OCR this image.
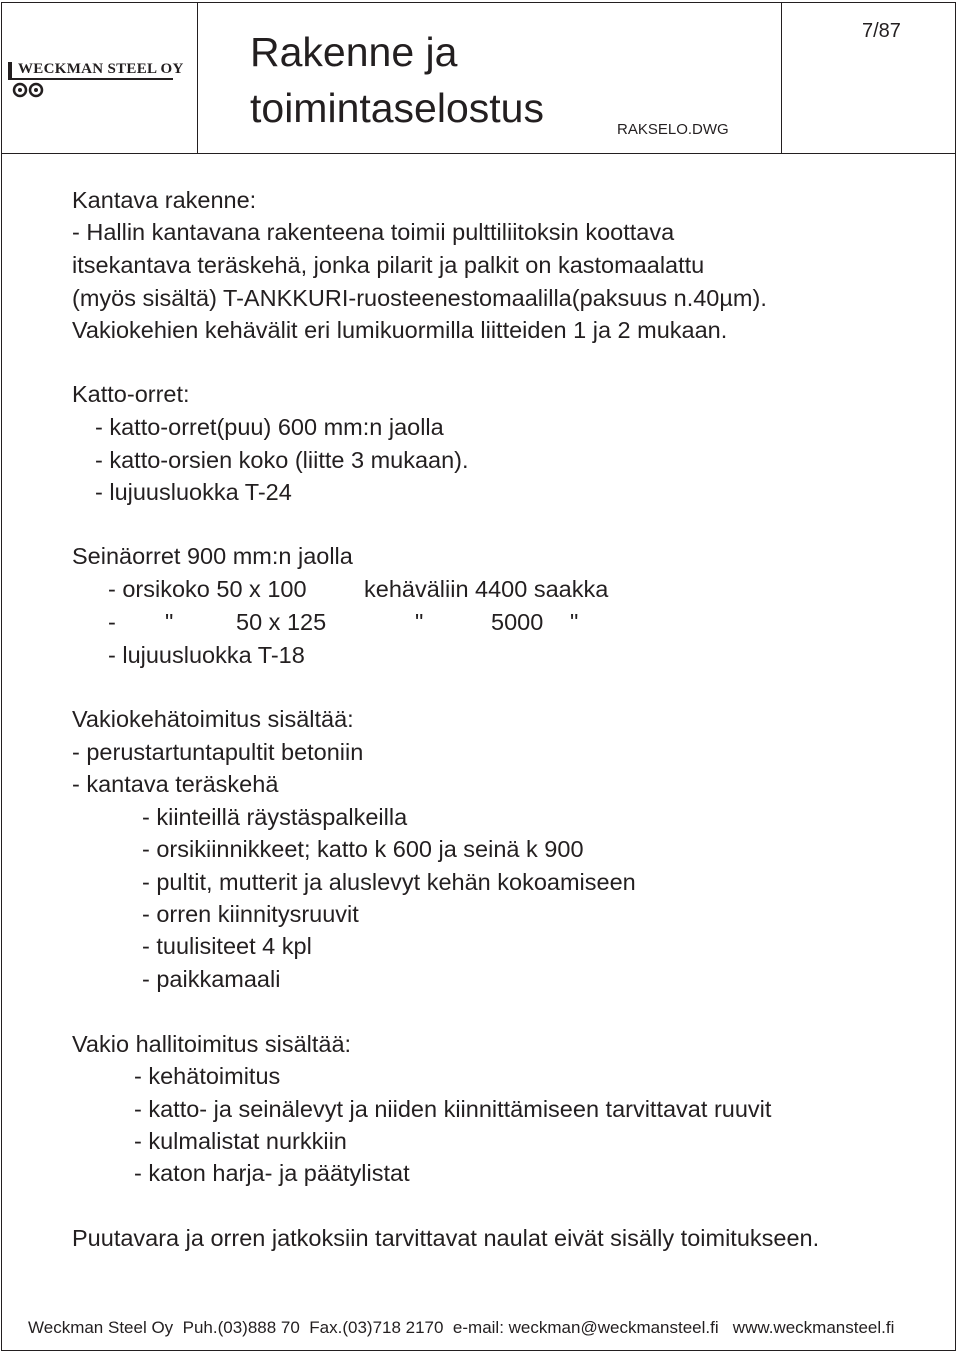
WECKMAN STEEL OY Rakenne ja
toimintaselostus
7/87
RAKSELO.DWG
Kantava rakenne:
- Hallin kantavana rakenteena toimii pulttiliitoksin koottava
itsekantava teräskehä, jonka pilarit ja palkit on kastomaalattu
(myös sisältä) T-ANKKURI-ruosteenestomaalilla(paksuus n.40µm).
Vakiokehien kehävälit eri lumikuormilla liitteiden 1 ja 2 mukaan.
Katto-orret:
- katto-orret(puu) 600 mm:n jaolla
- katto-orsien koko (liitte 3 mukaan).
- lujuusluokka T-24
Seinäorret 900 mm:n jaolla
- orsikoko 50 x 100 kehäväliin 4400 saakka
- "	50 x 125	"	5000 "
- lujuusluokka T-18
Vakiokehätoimitus sisältää:
- perustartuntapultit betoniin
- kantava teräskehä
- kiinteillä räystäspalkeilla
- orsikiinnikkeet; katto k 600 ja seinä k 900
- pultit, mutterit ja aluslevyt kehän kokoamiseen
- orren kiinnitysruuvit
- tuulisiteet 4 kpl
- paikkamaali
Vakio hallitoimitus sisältää:
- kehätoimitus
- katto- ja seinälevyt ja niiden kiinnittämiseen tarvittavat ruuvit
- kulmalistat nurkkiin
- katon harja- ja päätylistat
Puutavara ja orren jatkoksiin tarvittavat naulat eivät sisälly toimitukseen.
Weckman Steel Oy  Puh.(03)888 70  Fax.(03)718 2170  e-mail: weckman@weckmansteel.fi   www.weckmansteel.fi
